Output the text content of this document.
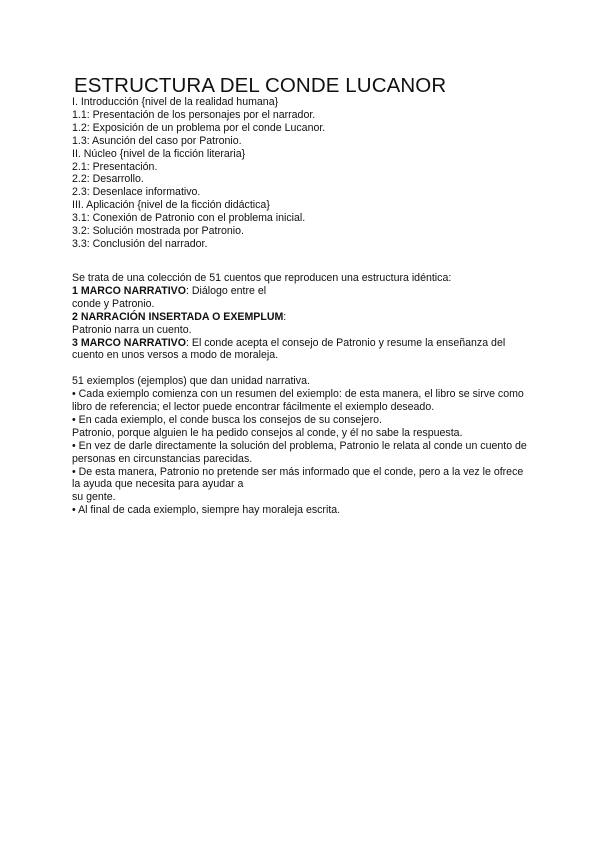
ESTRUCTURA DEL CONDE LUCANOR
I. Introducción {nivel de la realidad humana}
1.1: Presentación de los personajes por el narrador.
1.2: Exposición de un problema por el conde Lucanor.
1.3: Asunción del caso por Patronio.
II. Núcleo {nivel de la ficción literaria}
2.1: Presentación.
2.2: Desarrollo.
2.3: Desenlace informativo.
III. Aplicación {nivel de la ficción didáctica}
3.1: Conexión de Patronio con el problema inicial.
3.2: Solución mostrada por Patronio.
3.3: Conclusión del narrador.

Se trata de una colección de 51 cuentos que reproducen una estructura idéntica:

1 MARCO NARRATIVO: Diálogo entre el

conde y Patronio.

2 NARRACIÓN INSERTADA O EXEMPLUM:

Patronio narra un cuento.

3 MARCO NARRATIVO: El conde acepta el consejo de Patronio y resume la enseñanza del cuento en unos versos a modo de moraleja.

51 exiemplos (ejemplos) que dan unidad narrativa.

• Cada exiemplo comienza con un resumen del exiemplo: de esta manera, el libro se sirve como libro de referencia; el lector puede encontrar fácilmente el exiemplo deseado.

• En cada exiemplo, el conde busca los consejos de su consejero.

Patronio, porque alguien le ha pedido consejos al conde, y él no sabe la respuesta.

• En vez de darle directamente la solución del problema, Patronio le relata al conde un cuento de personas en circunstancias parecidas.

• De esta manera, Patronio no pretende ser más informado que el conde, pero a la vez le ofrece la ayuda que necesita para ayudar a

su gente.

• Al final de cada exiemplo, siempre hay moraleja escrita.
